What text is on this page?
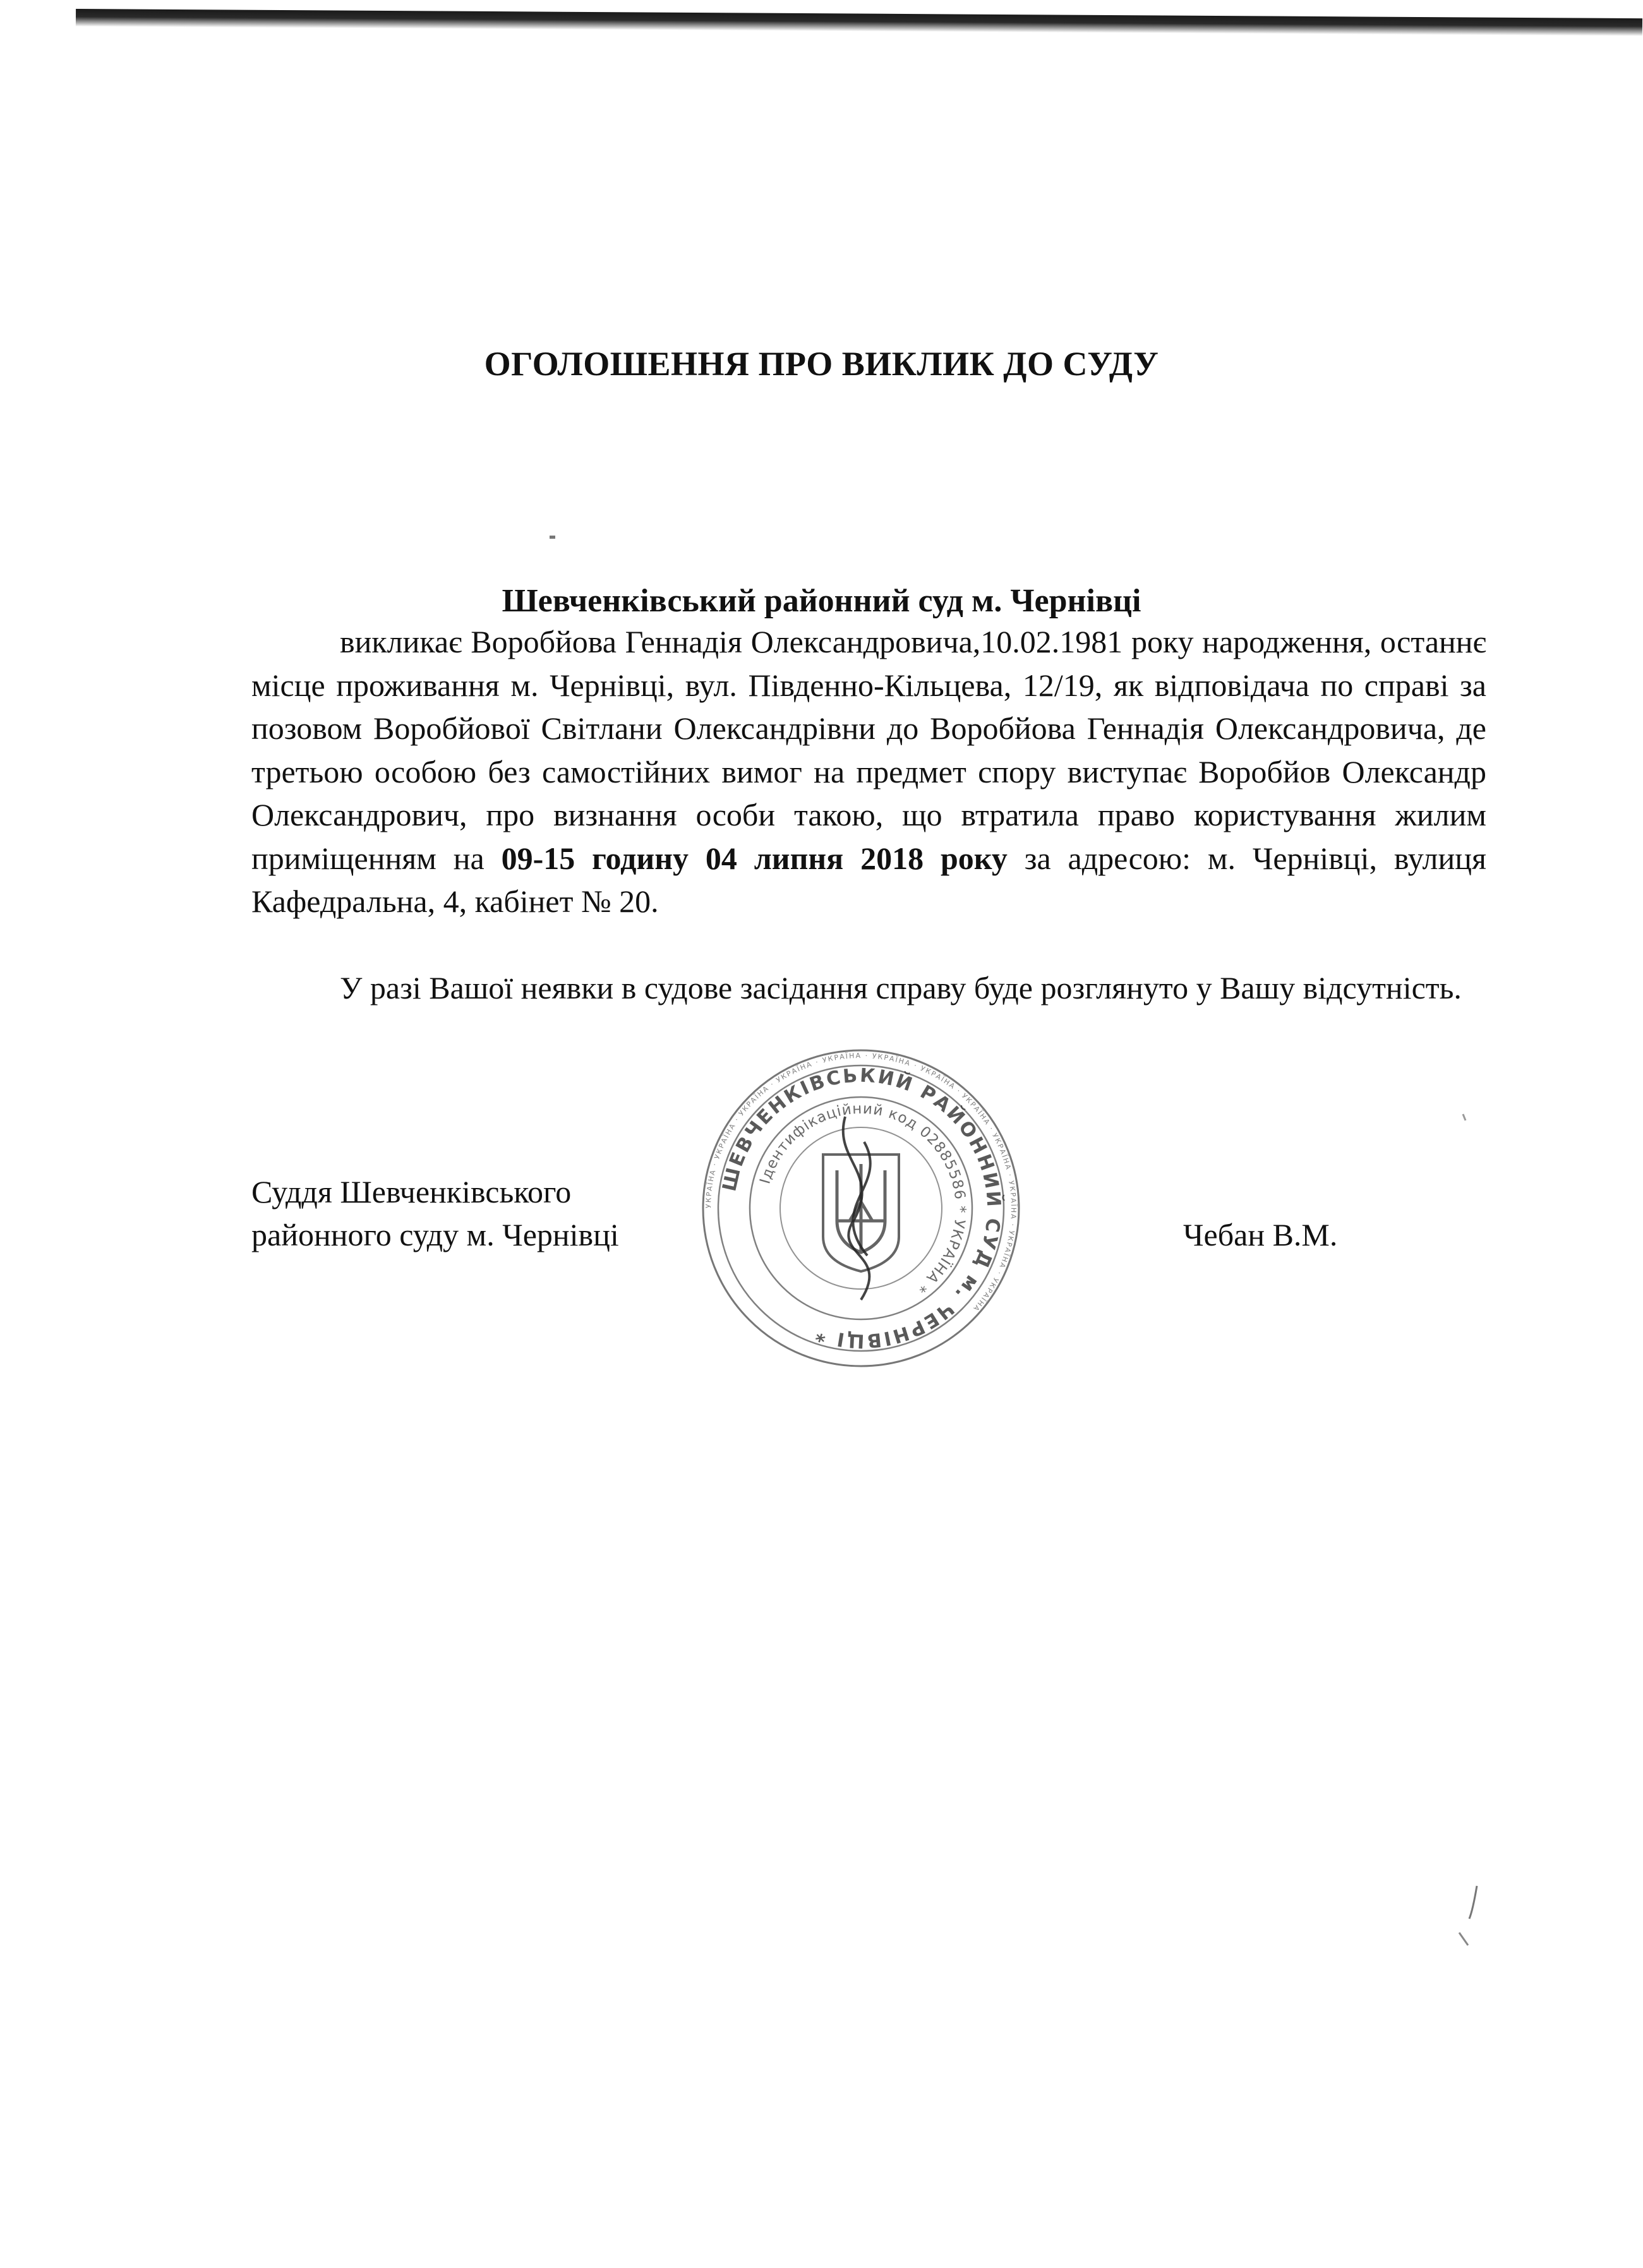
ОГОЛОШЕННЯ ПРО ВИКЛИК ДО СУДУ
Шевченківський районний суд м. Чернівці

викликає Воробйова Геннадія Олександровича,10.02.1981 року народження, останнє місце проживання м. Чернівці, вул. Південно-Кільцева, 12/19, як відповідача по справі за позовом Воробйової Світлани Олександрівни до Воробйова Геннадія Олександровича, де третьою особою без самостійних вимог на предмет спору виступає Воробйов Олександр Олександрович, про визнання особи такою, що втратила право користування жилим приміщенням на 09-15 годину 04 липня 2018 року за адресою: м. Чернівці, вулиця Кафедральна, 4, кабінет № 20.

У разі Вашої неявки в судове засідання справу буде розглянуто у Вашу відсутність.

Суддя Шевченківського
районного суду м. Чернівці	Чебан В.М.
УКРАЇНА · УКРАЇНА · УКРАЇНА · УКРАЇНА · УКРАЇНА · УКРАЇНА · УКРАЇНА · УКРАЇНА · УКРАЇНА · УКРАЇНА · УКРАЇНА · УКРАЇНА
ШЕВЧЕНКІВСЬКИЙ РАЙОННИЙ СУД м. ЧЕРНІВЦІ *
Ідентифікаційний код 02885586 * УКРАЇНА *
